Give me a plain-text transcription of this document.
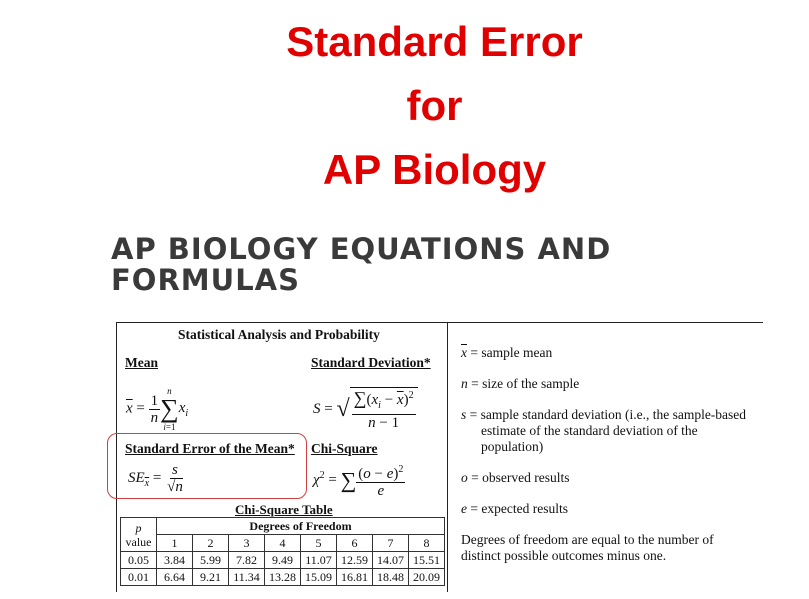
Standard Error
for
AP Biology
AP BIOLOGY EQUATIONS AND
FORMULAS
Statistical Analysis and Probability
Mean
$\overline{x} = \frac{1}{n}$
n
∑
i=1
$x_i$
Standard Deviation*
S = √ $\frac{\sum(x_i - \overline{x})^2}{n - 1}$
Standard Error of the Mean*
$SE_{\overline{x}} = \frac{s}{√n}$
Chi-Square
$\chi^2$ = ∑ $\frac{(o - e)^2}{e}$
Chi-Square Table
p
value	Degrees of Freedom							
	1	2	3	4	5	6	7	8
0.05	3.84	5.99	7.82	9.49	11.07	12.59	14.07	15.51
0.01	6.64	9.21	11.34	13.28	15.09	16.81	18.48	20.09
$\overline{x}$ = sample mean
n = size of the sample
s = sample standard deviation (i.e., the sample-based
estimate of the standard deviation of the
population)
o = observed results
e = expected results
Degrees of freedom are equal to the number of
distinct possible outcomes minus one.
